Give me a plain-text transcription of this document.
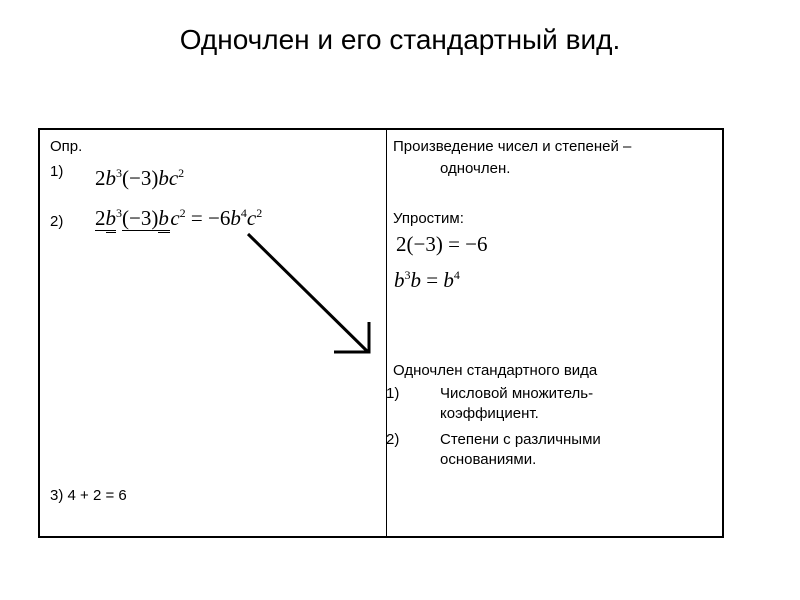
Одночлен и его стандартный вид.
Опр.
1) $2b^3(-3)bc^2$
2) $2b^3(-3)bc^2 = -6b^4c^2$
3) 4 + 2 = 6
Произведение чисел и степеней –
одночлен.
Упростим:
2(−3) = −6
$b^3b = b^4$
Одночлен стандартного вида
1)	Числовой множитель-
коэффициент.
2)	Степени с различными
основаниями.
